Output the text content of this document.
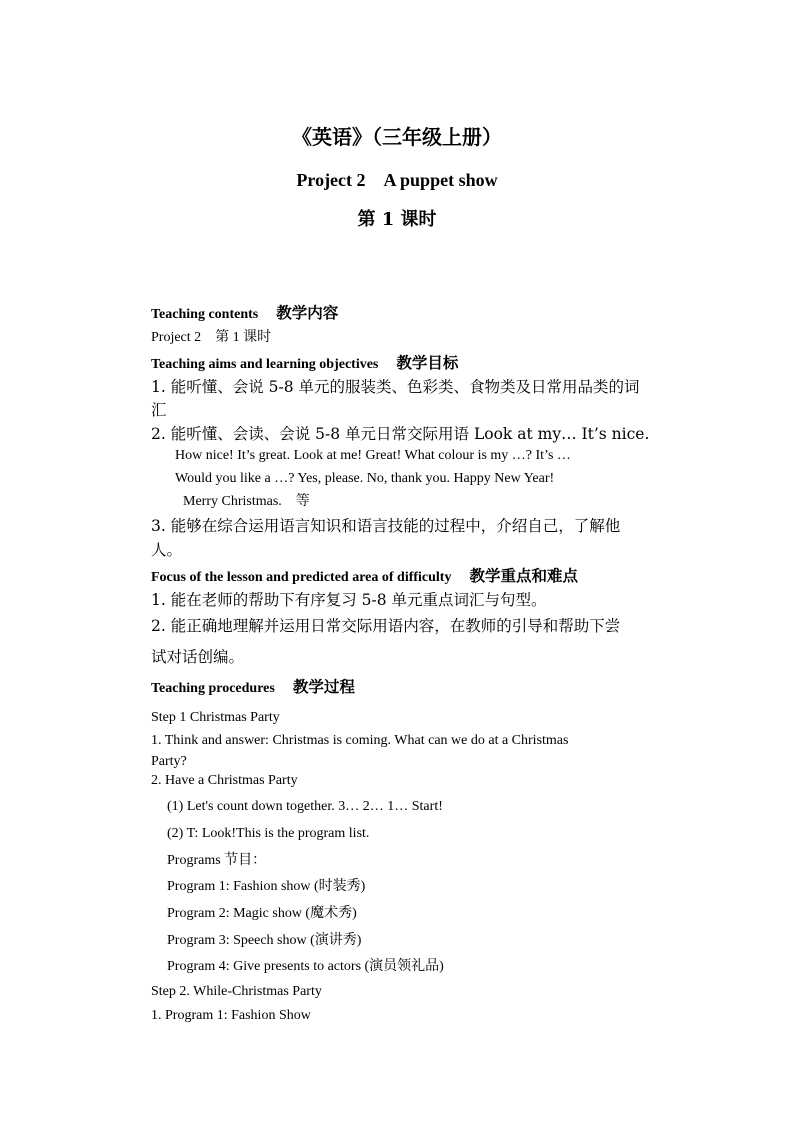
《英语》（三年级上册）
Project 2　A puppet show
第 1 课时
Teaching contents 教学内容
Project 2　第 1 课时
Teaching aims and learning objectives 教学目标
1. 能听懂、会说 5-8 单元的服装类、色彩类、食物类及日常用品类的词
汇
2. 能听懂、会读、会说 5-8 单元日常交际用语 Look at my… It’s nice.
How nice! It’s great. Look at me! Great! What colour is my …? It’s …
Would you like a …? Yes, please. No, thank you. Happy New Year!
Merry Christmas.　等
3. 能够在综合运用语言知识和语言技能的过程中，介绍自己，了解他
人。
Focus of the lesson and predicted area of difficulty 教学重点和难点
1. 能在老师的帮助下有序复习 5-8 单元重点词汇与句型。
2. 能正确地理解并运用日常交际用语内容，在教师的引导和帮助下尝
试对话创编。
Teaching procedures 教学过程
Step 1 Christmas Party
1. Think and answer: Christmas is coming. What can we do at a Christmas
Party?
2. Have a Christmas Party
(1) Let's count down together. 3… 2… 1… Start!
(2) T: Look!This is the program list.
Programs 节目：
Program 1: Fashion show (时装秀)
Program 2: Magic show (魔术秀)
Program 3: Speech show (演讲秀)
Program 4: Give presents to actors (演员领礼品)
Step 2. While-Christmas Party
1. Program 1: Fashion Show
